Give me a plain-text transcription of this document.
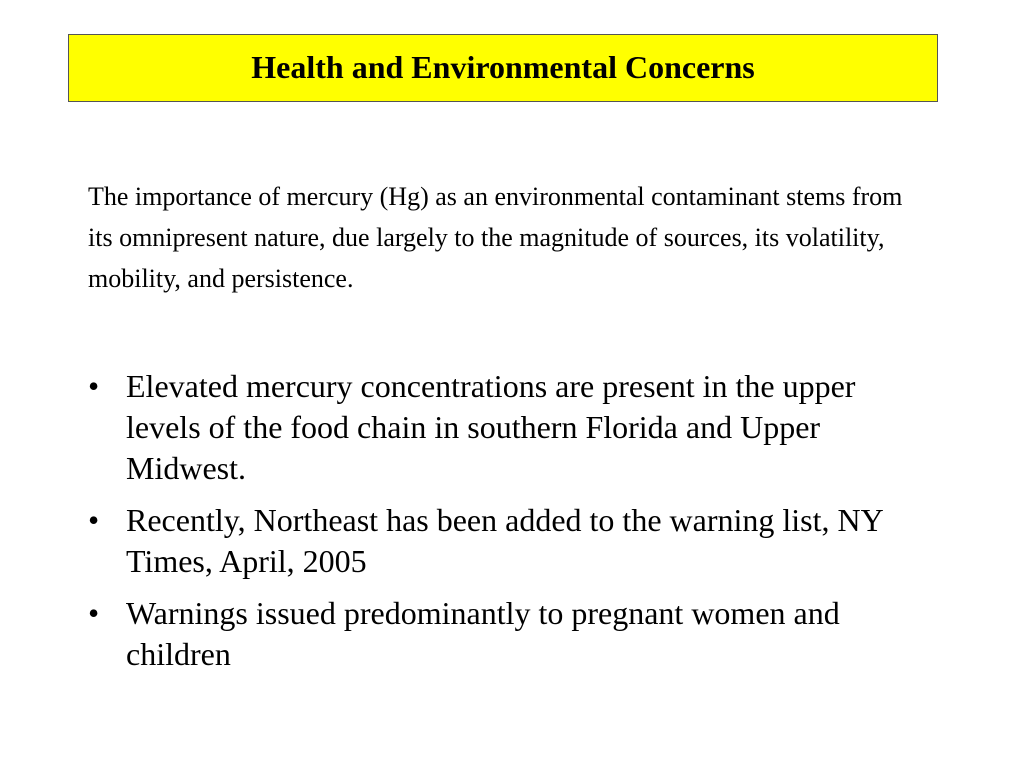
Health and Environmental Concerns

The importance of mercury (Hg) as an environmental contaminant stems from its omnipresent nature, due largely to the magnitude of sources, its volatility, mobility, and persistence.

• Elevated mercury concentrations are present in the upper levels of the food chain in southern Florida and Upper Midwest.
• Recently, Northeast has been added to the warning list, NY Times, April, 2005
• Warnings issued predominantly to pregnant women and children
